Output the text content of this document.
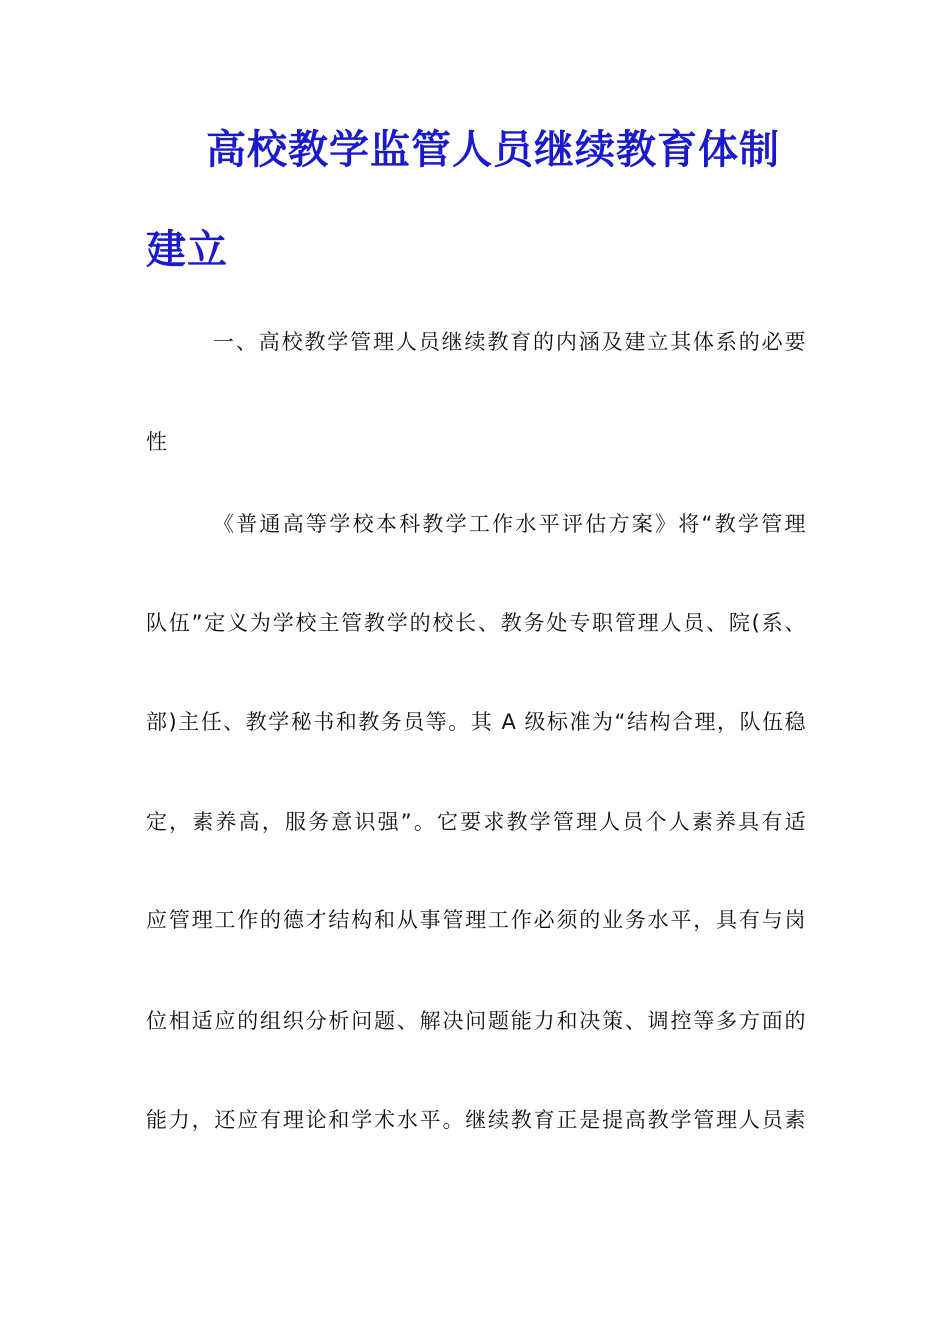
高校教学监管人员继续教育体制
建立
一、高校教学管理人员继续教育的内涵及建立其体系的必要
性
《普通高等学校本科教学工作水平评估方案》将“教学管理
队伍”定义为学校主管教学的校长、教务处专职管理人员、院(系、
部)主任、教学秘书和教务员等。其 A 级标准为“结构合理，队伍稳
定，素养高，服务意识强”。它要求教学管理人员个人素养具有适
应管理工作的德才结构和从事管理工作必须的业务水平，具有与岗
位相适应的组织分析问题、解决问题能力和决策、调控等多方面的
能力，还应有理论和学术水平。继续教育正是提高教学管理人员素
